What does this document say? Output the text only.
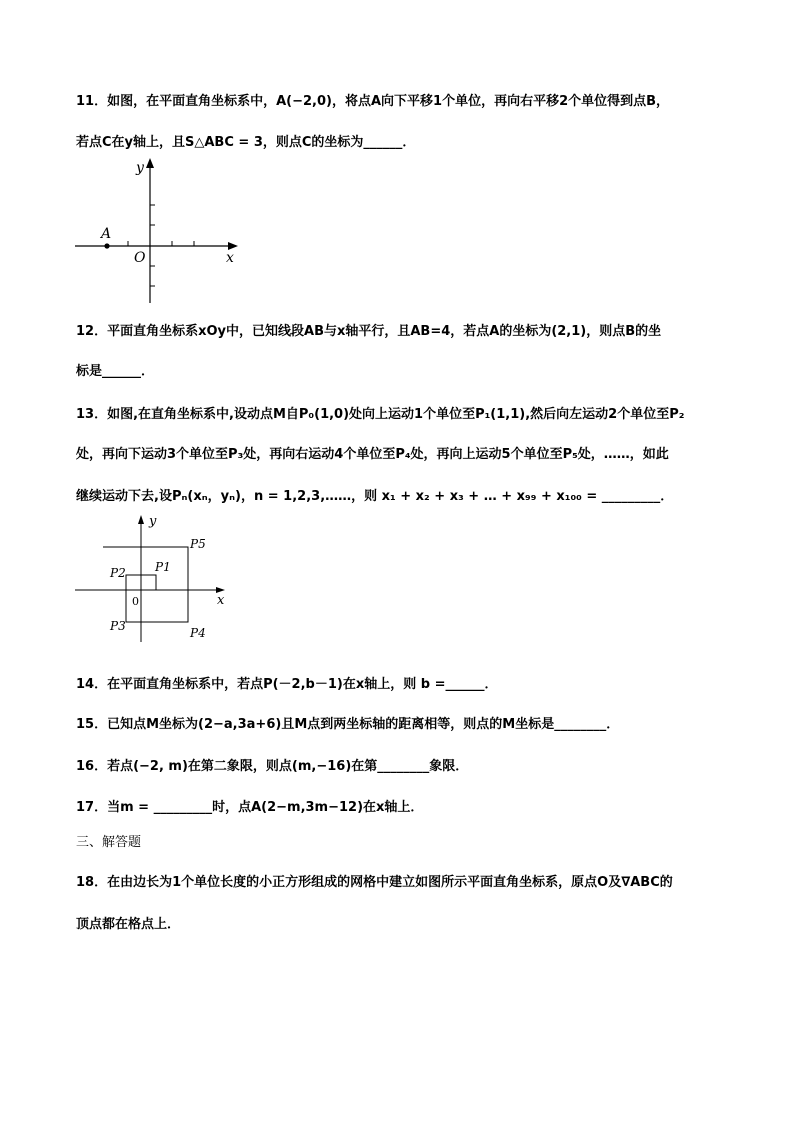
11．如图，在平面直角坐标系中，A(−2,0)，将点A向下平移1个单位，再向右平移2个单位得到点B，
若点C在y轴上，且S△ABC = 3，则点C的坐标为______．
A
O	x
y
12．平面直角坐标系xOy中，已知线段AB与x轴平行，且AB=4，若点A的坐标为(2,1)，则点B的坐
标是______．
13．如图,在直角坐标系中,设动点M自P₀(1,0)处向上运动1个单位至P₁(1,1),然后向左运动2个单位至P₂
处，再向下运动3个单位至P₃处，再向右运动4个单位至P₄处，再向上运动5个单位至P₅处，……，如此
继续运动下去,设Pₙ(xₙ，yₙ)，n = 1,2,3,……，则 x₁ + x₂ + x₃ + … + x₉₉ + x₁₀₀ = _________．
x
y
0
P1
P2
P3	P4
P5
14．在平面直角坐标系中，若点P(－2,b－1)在x轴上，则 b =______．
15．已知点M坐标为(2−a,3a+6)且M点到两坐标轴的距离相等，则点的M坐标是________．
16．若点(−2, m)在第二象限，则点(m,−16)在第________象限．
17．当m = _________时，点A(2−m,3m−12)在x轴上．
三、解答题
18．在由边长为1个单位长度的小正方形组成的网格中建立如图所示平面直角坐标系，原点O及∇ABC的
顶点都在格点上．
